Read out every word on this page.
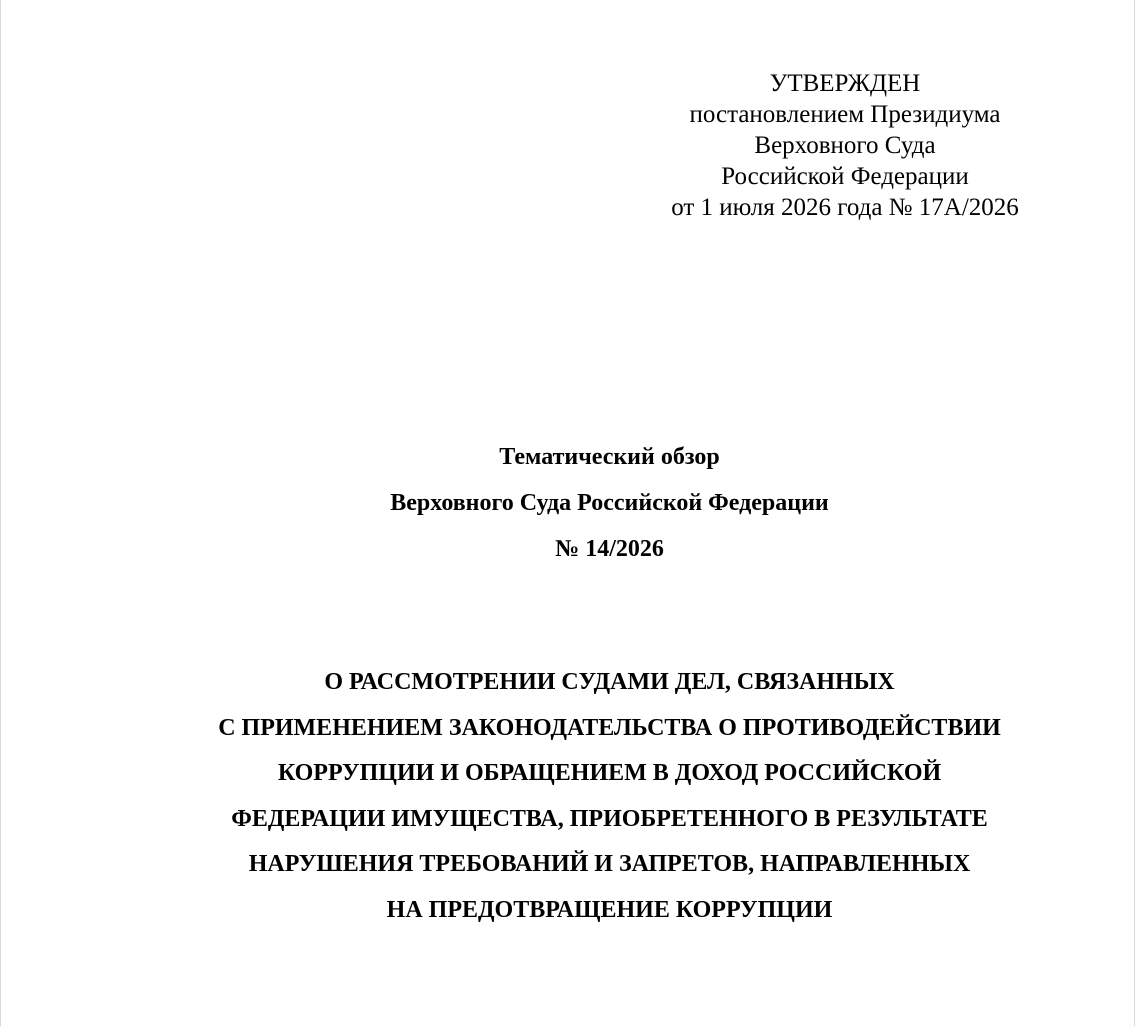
УТВЕРЖДЕН
постановлением Президиума
Верховного Суда
Российской Федерации
от 1 июля 2026 года № 17А/2026
Тематический обзор
Верховного Суда Российской Федерации
№ 14/2026
О РАССМОТРЕНИИ СУДАМИ ДЕЛ, СВЯЗАННЫХ
С ПРИМЕНЕНИЕМ ЗАКОНОДАТЕЛЬСТВА О ПРОТИВОДЕЙСТВИИ
КОРРУПЦИИ И ОБРАЩЕНИЕМ В ДОХОД РОССИЙСКОЙ
ФЕДЕРАЦИИ ИМУЩЕСТВА, ПРИОБРЕТЕННОГО В РЕЗУЛЬТАТЕ
НАРУШЕНИЯ ТРЕБОВАНИЙ И ЗАПРЕТОВ, НАПРАВЛЕННЫХ
НА ПРЕДОТВРАЩЕНИЕ КОРРУПЦИИ
